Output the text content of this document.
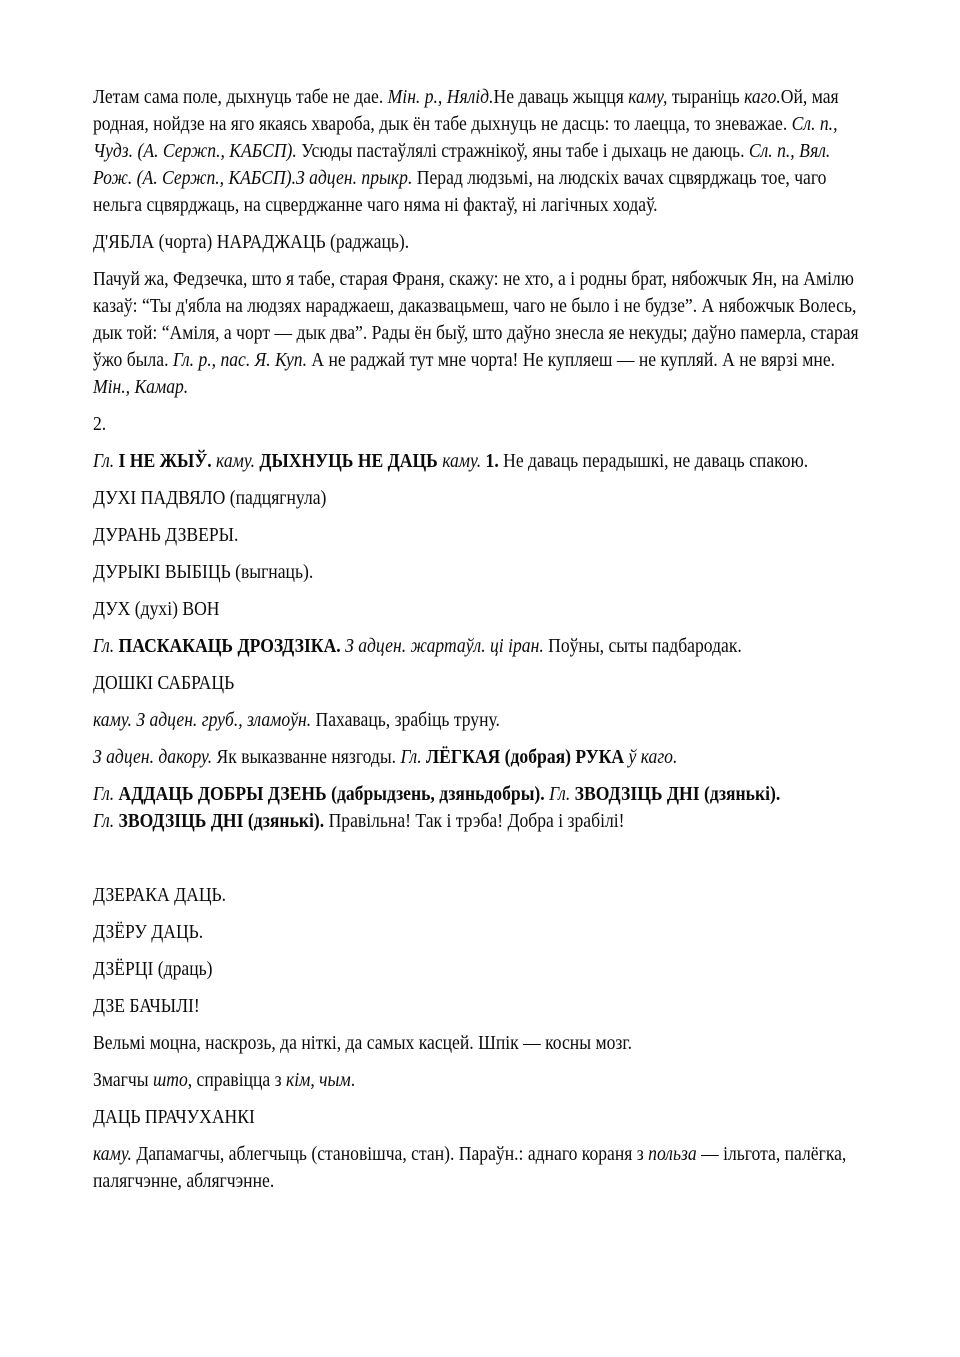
Летам сама поле, дыхнуць табе не дае. Мін. р., Нялід.Не даваць жыцця каму, тыраніць каго.Ой, мая родная, нойдзе на яго якаясь хвароба, дык ён табе дыхнуць не дасць: то лаецца, то зневажае. Сл. п., Чудз. (А. Сержп., КАБСП). Усюды пастаўлялі стражнікоў, яны табе і дыхаць не даюць. Сл. п., Вял. Рож. (А. Сержп., КАБСП).З адцен. прыкр. Перад людзьмі, на людскіх вачах сцвярджаць тое, чаго нельга сцвярджаць, на сцверджанне чаго няма ні фактаў, ні лагічных ходаў.

Д'ЯБЛА (чорта) НАРАДЖАЦЬ (раджаць).

Пачуй жа, Федзечка, што я табе, старая Франя, скажу: не хто, а і родны брат, нябожчык Ян, на Амілю казаў: “Ты д'ябла на людзях нараджаеш, даказвацьмеш, чаго не было і не будзе”. А нябожчык Волесь, дык той: “Аміля, а чорт — дык два”. Рады ён быў, што даўно знесла яе некуды; даўно памерла, старая ўжо была. Гл. р., пас. Я. Куп. А не раджай тут мне чорта! Не купляеш — не купляй. А не вярзі мне. Мін., Камар.

2.

Гл. І НЕ ЖЫЎ. каму. ДЫХНУЦЬ НЕ ДАЦЬ каму. 1. Не даваць перадышкі, не даваць спакою.

ДУХІ ПАДВЯЛО (падцягнула)

ДУРАНЬ ДЗВЕРЫ.

ДУРЫКІ ВЫБІЦЬ (выгнаць).

ДУХ (духі) ВОН

Гл. ПАСКАКАЦЬ ДРОЗДЗІКА. З адцен. жартаўл. ці іран. Поўны, сыты падбародак.

ДОШКІ САБРАЦЬ

каму. З адцен. груб., зламоўн. Пахаваць, зрабіць труну.

З адцен. дакору. Як выказванне нязгоды. Гл. ЛЁГКАЯ (добрая) РУКА ў каго.

Гл. АДДАЦЬ ДОБРЫ ДЗЕНЬ (дабрыдзень, дзяньдобры). Гл. ЗВОДЗІЦЬ ДНІ (дзянькі). Гл. ЗВОДЗІЦЬ ДНІ (дзянькі). Правільна! Так і трэба! Добра і зрабілі!

ДЗЕРАКА ДАЦЬ.

ДЗЁРУ ДАЦЬ.

ДЗЁРЦІ (драць)

ДЗЕ БАЧЫЛІ!

Вельмі моцна, наскрозь, да ніткі, да самых касцей. Шпік — косны мозг.

Змагчы што, справіцца з кім, чым.

ДАЦЬ ПРАЧУХАНКІ

каму. Дапамагчы, аблегчыць (становішча, стан). Параўн.: аднаго кораня з польза — ільгота, палёгка, палягчэнне, аблягчэнне.
